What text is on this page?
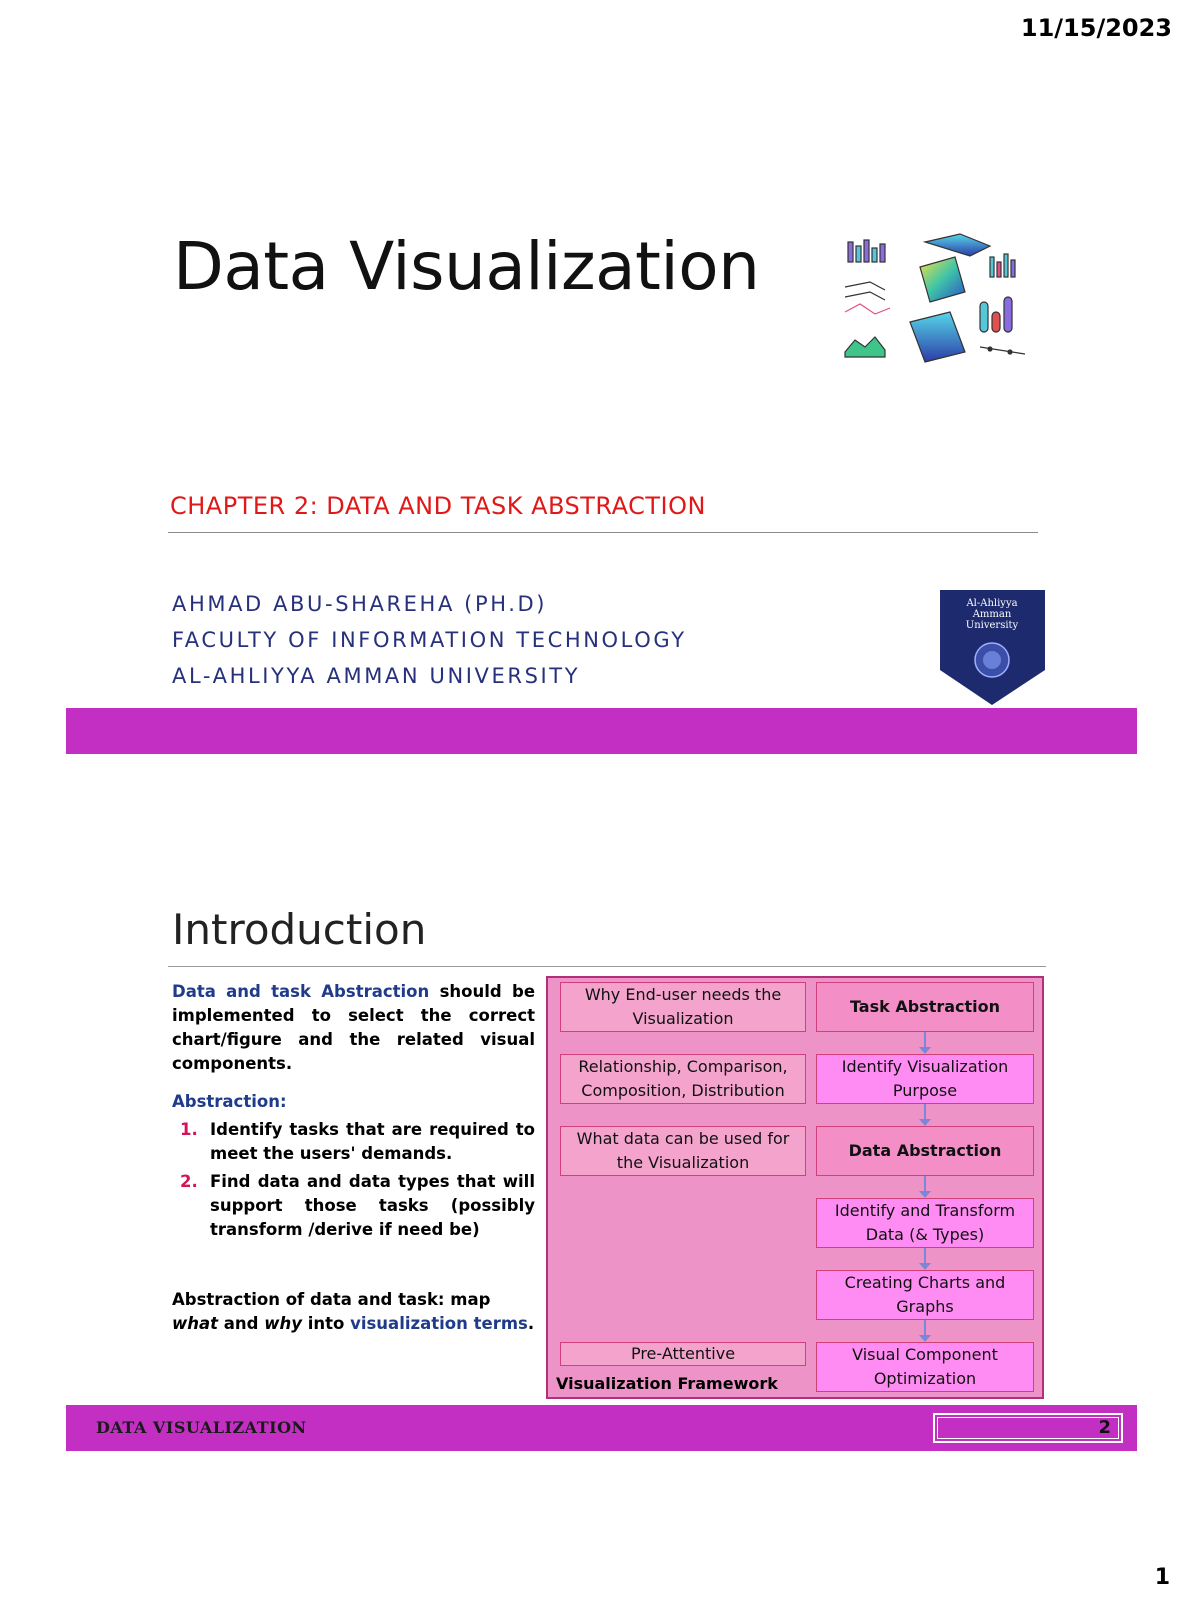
11/15/2023
Data Visualization
CHAPTER 2: DATA AND TASK ABSTRACTION
AHMAD ABU-SHAREHA (PH.D)
FACULTY OF INFORMATION TECHNOLOGY
AL-AHLIYYA AMMAN UNIVERSITY
Al-Ahliyya
Amman
University
Introduction

Data and task Abstraction should be implemented to select the correct chart/figure and the related visual components.

Abstraction:

1. Identify tasks that are required to meet the users' demands.
2. Find data and data types that will support those tasks (possibly transform /derive if need be)

Abstraction of data and task: map what and why into visualization terms.

Why End-user needs the Visualization
Relationship, Comparison, Composition, Distribution
What data can be used for the Visualization
Pre-Attentive
Task Abstraction
Identify Visualization Purpose
Data Abstraction
Identify and Transform Data (& Types)
Creating Charts and Graphs
Visual Component Optimization
Visualization Framework
DATA VISUALIZATION	2
1
